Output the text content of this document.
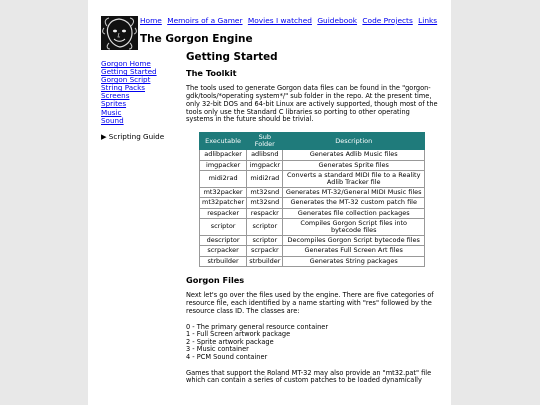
Home Memoirs of a Gamer Movies I watched Guidebook Code Projects Links
The Gorgon Engine
Gorgon Home
Getting Started
Gorgon Script
String Packs
Screens
Sprites
Music
Sound
▶ Scripting Guide
Getting Started
The Toolkit

The tools used to generate Gorgon data files can be found in the "gorgon-gdk/tools/*operating system*/" sub folder in the repo. At the present time, only 32-bit DOS and 64-bit Linux are actively supported, though most of the tools only use the Standard C libraries so porting to other operating systems in the future should be trivial.

Executable	Sub Folder	Description
adlibpacker	adlibsnd	Generates Adlib Music files
imgpacker	imgpackr	Generates Sprite files
midi2rad	midi2rad	Converts a standard MIDI file to a Reality Adlib Tracker file
mt32packer	mt32snd	Generates MT-32/General MIDI Music files
mt32patcher	mt32snd	Generates the MT-32 custom patch file
respacker	respackr	Generates file collection packages
scriptor	scriptor	Compiles Gorgon Script files into bytecode files
descriptor	scriptor	Decompiles Gorgon Script bytecode files
scrpacker	scrpackr	Generates Full Screen Art files
strbuilder	strbuilder	Generates String packages
Gorgon Files

Next let's go over the files used by the engine. There are five categories of resource file, each identified by a name starting with "res" followed by the resource class ID. The classes are:

0 - The primary general resource container
1 - Full Screen artwork package
2 - Sprite artwork package
3 - Music container
4 - PCM Sound container

Games that support the Roland MT-32 may also provide an "mt32.pat" file which can contain a series of custom patches to be loaded dynamically
